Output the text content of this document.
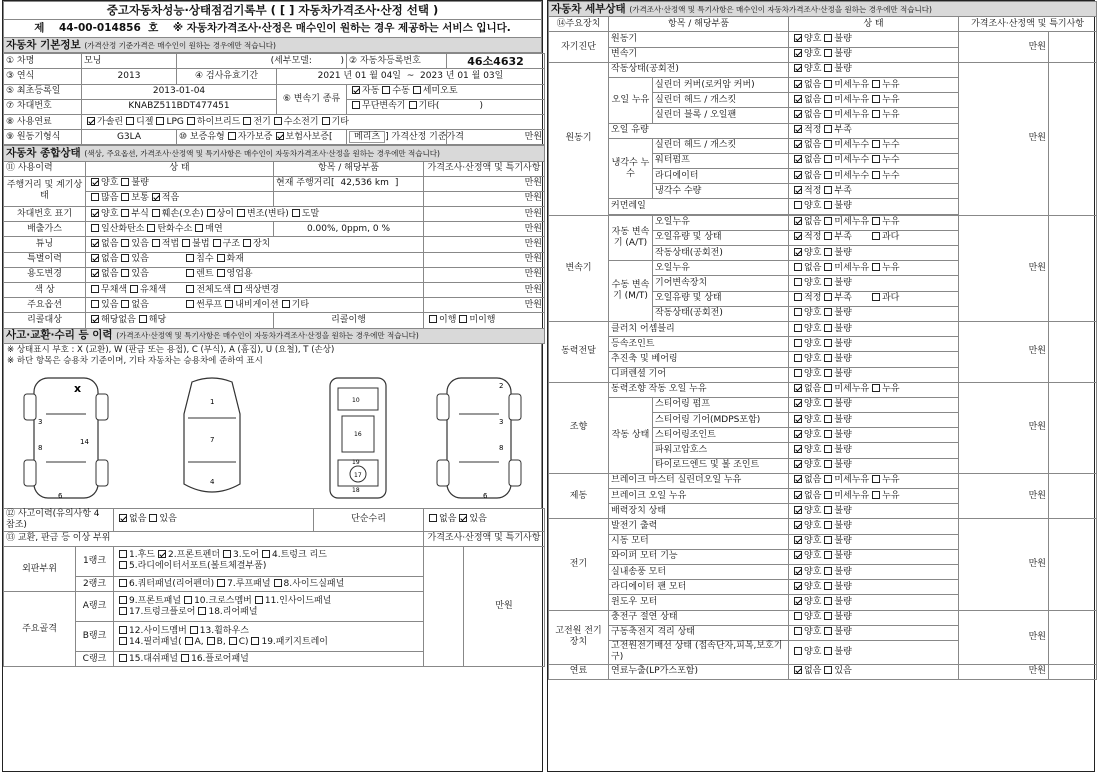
중고자동차성능·상태점검기록부 ( [ ] 자동차가격조사·산정 선택 )
제 44-00-014856 호 ※ 자동차가격조사·산정은 매수인이 원하는 경우 제공하는 서비스 입니다.
자동차 기본정보 (가격산정 기준가격은 매수인이 원하는 경우에만 적습니다)
① 차명	모닝	(세부모델: )		② 자동차등록번호	46소4632
③ 연식	2013	④ 검사유효기간	2021 년 01 월 04일 ~ 2023 년 01 월 03일		
⑤ 최초등록일	2013-01-04		⑥ 변속기 종류	자동 수동 세미오토	
⑦ 차대번호	KNABZ511BDT477451			무단변속기 기타( )	
⑧ 사용연료	가솔린 디젤 LPG 하이브리드 전기 수소전기 기타				
⑨ 원동기형식	G3LA	⑩ 보증유형 자가보증 보험사보증[		메리츠 ] 가격산정 기준가격	만원
자동차 종합상태 (색상, 주요옵션, 가격조사·산정액 및 특기사항은 매수인이 자동차가격조사·산정을 원하는 경우에만 적습니다)			
⑪ 사용이력	상 태	항목 / 해당부품	가격조사·산정액 및 특기사항
주행거리 및 계기상태	양호 불량	현재 주행거리[ 42,536 km ]	만원
	많음 보통 적음		만원
차대번호 표기	양호 부식 훼손(오손) 상이 변조(변타) 도말		만원
배출가스	일산화탄소 탄화수소 매연	0.00%, 0ppm, 0 %	만원
튜닝	없음 있음 적법 불법 구조 장치		만원
특별이력	없음 있음 침수 화재		만원
용도변경	없음 있음 렌트 영업용		만원
색 상	무채색 유채색 전체도색 색상변경		만원
주요옵션	있음 없음 썬루프 내비게이션 기타		만원
리콜대상	해당없음 해당	리콜이행	이행 미이행
사고·교환·수리 등 이력 (가격조사·산정액 및 특기사항은 매수인이 자동차가격조사·산정을 원하는 경우에만 적습니다)			
※ 상태표시 부호 : X (교환), W (판금 또는 용접), C (부식), A (흠집), U (요철), T (손상)
※ 하단 항목은 승용차 기준이며, 기타 자동차는 승용차에 준하여 표시
3
8
14
6
x
1
7
4
10
16
19
17
18
2
3
8
6
⑫ 사고이력(유의사항 4 참조)		없음 있음	단순수리	없음 있음	
⑬ 교환, 판금 등 이상 부위				가격조사·산정액 및 특기사항	
외판부위	1랭크	1.후드 2.프론트펜더 3.도어 4.트렁크 리드
5.라디에이터서포트(볼트체결부품)			만원
	2랭크	6.쿼터패널(리어펜더) 7.루프패널 8.사이드실패널			
주요골격	A랭크	9.프론트패널 10.크로스멤버 11.인사이드패널
17.트렁크플로어 18.리어패널			
	B랭크	12.사이드멤버 13.휠하우스
14.필러패널( A, B, C) 19.패키지트레이			
	C랭크	15.대쉬패널 16.플로어패널			
자동차 세부상태 (가격조사·산정액 및 특기사항은 매수인이 자동차가격조사·산정을 원하는 경우에만 적습니다)					
⑭주요장치	항목 / 해당부품		상 태	가격조사·산정액 및 특기사항	
자기진단	원동기		양호 불량	만원	
	변속기		양호 불량		
원동기	작동상태(공회전)		양호 불량	만원	
	오일 누유	실린더 커버(로커암 커버)	없음 미세누유 누유		
		실린더 헤드 / 개스킷	없음 미세누유 누유		
		실린더 블록 / 오일팬	없음 미세누유 누유		
	오일 유량		적정 부족		
	냉각수 누수	실린더 헤드 / 개스킷	없음 미세누수 누수		
		워터펌프	없음 미세누수 누수		
		라디에이터	없음 미세누수 누수		
		냉각수 수량	적정 부족		
	커먼레일		양호 불량		

변속기	자동 변속기 (A/T)	오일누유	없음 미세누유 누유	만원	
		오일유량 및 상태	적정 부족 과다		
		작동상태(공회전)	양호 불량		
	수동 변속기 (M/T)	오일누유	없음 미세누유 누유		
		기어변속장치	양호 불량		
		오일유량 및 상태	적정 부족 과다		
		작동상태(공회전)	양호 불량		
동력전달	클러치 어셈블리		양호 불량	만원	
	등속조인트		양호 불량		
	추진축 및 베어링		양호 불량		
	디퍼렌셜 기어		양호 불량		
조향	동력조향 작동 오일 누유		없음 미세누유 누유	만원	
	작동 상태	스티어링 펌프	양호 불량		
		스티어링 기어(MDPS포함)	양호 불량		
		스티어링조인트	양호 불량		
		파워고압호스	양호 불량		
		타이로드엔드 및 볼 조인트	양호 불량		
제동	브레이크 마스터 실린더오일 누유		없음 미세누유 누유	만원	
	브레이크 오일 누유		없음 미세누유 누유		
	배력장치 상태		양호 불량		
전기	발전기 출력		양호 불량	만원	
	시동 모터		양호 불량		
	와이퍼 모터 기능		양호 불량		
	실내송풍 모터		양호 불량		
	라디에이터 팬 모터		양호 불량		
	윈도우 모터		양호 불량		
고전원 전기장치	충전구 절연 상태		양호 불량	만원	
	구동축전지 격리 상태		양호 불량		
	고전원전기배선 상태 (접속단자,피복,보호기구)		양호 불량		
연료	연료누출(LP가스포함)		없음 있음	만원	
